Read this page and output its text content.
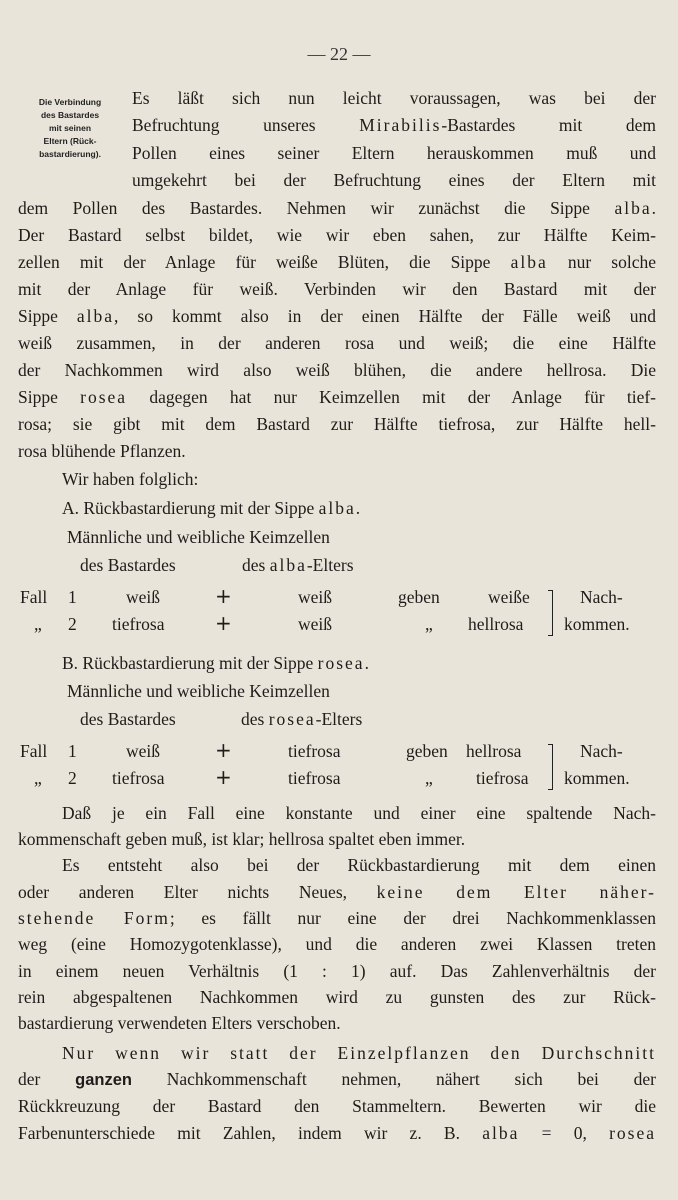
— 22 —
Die Verbindung
des Bastardes
mit seinen
Eltern (Rück-
bastardierung).
Es läßt sich nun leicht voraussagen, was bei der
Befruchtung unseres Mirabilis-Bastardes mit dem
Pollen eines seiner Eltern herauskommen muß und
umgekehrt bei der Befruchtung eines der Eltern mit
dem Pollen des Bastardes. Nehmen wir zunächst die Sippe alba.
Der Bastard selbst bildet, wie wir eben sahen, zur Hälfte Keim-
zellen mit der Anlage für weiße Blüten, die Sippe alba nur solche
mit der Anlage für weiß. Verbinden wir den Bastard mit der
Sippe alba, so kommt also in der einen Hälfte der Fälle weiß und
weiß zusammen, in der anderen rosa und weiß; die eine Hälfte
der Nachkommen wird also weiß blühen, die andere hellrosa. Die
Sippe rosea dagegen hat nur Keimzellen mit der Anlage für tief-
rosa; sie gibt mit dem Bastard zur Hälfte tiefrosa, zur Hälfte hell-
rosa blühende Pflanzen.
Wir haben folglich:
A. Rückbastardierung mit der Sippe alba.
Männliche und weibliche Keimzellen
des Bastardes	des alba-Elters
Fall 1	weiß	+	weiß	geben	weiße
„ 2 tiefrosa	+	weiß	„ hellrosa
Nach-
kommen.
B. Rückbastardierung mit der Sippe rosea.
Männliche und weibliche Keimzellen
des Bastardes	des rosea-Elters
Fall 1	weiß	+	tiefrosa	geben hellrosa
„ 2 tiefrosa	+	tiefrosa	„ tiefrosa
Nach-
kommen.
Daß je ein Fall eine konstante und einer eine spaltende Nach-
kommenschaft geben muß, ist klar; hellrosa spaltet eben immer.
Es entsteht also bei der Rückbastardierung mit dem einen
oder anderen Elter nichts Neues, keine dem Elter näher-
stehende Form; es fällt nur eine der drei Nachkommenklassen
weg (eine Homozygotenklasse), und die anderen zwei Klassen treten
in einem neuen Verhältnis (1 : 1) auf. Das Zahlenverhältnis der
rein abgespaltenen Nachkommen wird zu gunsten des zur Rück-
bastardierung verwendeten Elters verschoben.
Nur wenn wir statt der Einzelpflanzen den Durchschnitt
der ganzen Nachkommenschaft nehmen, nähert sich bei der
Rückkreuzung der Bastard den Stammeltern. Bewerten wir die
Farbenunterschiede mit Zahlen, indem wir z. B. alba = 0, rosea
